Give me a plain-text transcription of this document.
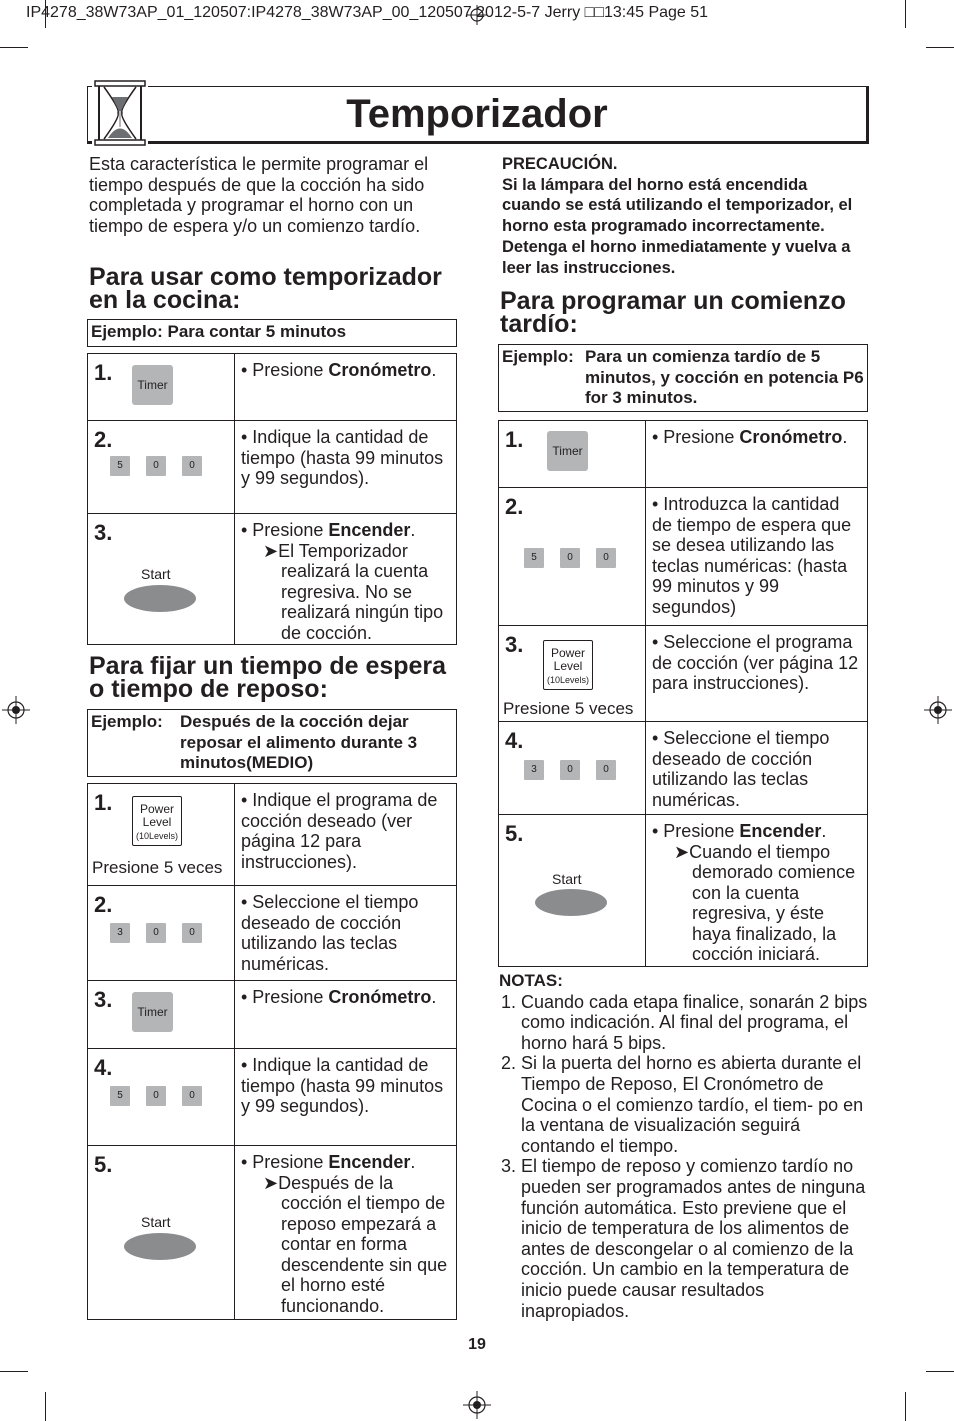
IP4278_38W73AP_01_120507:IP4278_38W73AP_00_120507 2012-5-7 Jerry □□13:45 Page 51
Temporizador
Esta característica le permite programar el tiempo después de que la cocción ha sido completada y programar el horno con un tiempo de espera y/o un comienzo tardío.
PRECAUCIÓN.
Si la lámpara del horno está encendida cuando se está utilizando el temporizador, el horno esta programado incorrectamente. Detenga el horno inmediatamente y vuelva a leer las instrucciones.
Para usar como temporizador en la cocina:
Ejemplo: Para contar 5 minutos
1. Timer	• Presione Cronómetro.

2.
5 0 0	• Indique la cantidad de tiempo (hasta 99 minutos y 99 segundos).

3.
Start	• Presione Encender.
➤El Temporizador realizará la cuenta regresiva. No se realizará ningún tipo de cocción.
Para fijar un tiempo de espera o tiempo de reposo:
Ejemplo:	Después de la cocción dejar reposar el alimento durante 3 minutos(MEDIO)
1. Power
Level
(10Levels)
Presione 5 veces	• Indique el programa de cocción deseado (ver página 12 para instrucciones).

2.
3 0 0	• Seleccione el tiempo deseado de cocción utilizando las teclas numéricas.

3. Timer	• Presione Cronómetro.

4.
5 0 0	• Indique la cantidad de tiempo (hasta 99 minutos y 99 segundos).

5.
Start	• Presione Encender.
➤Después de la cocción el tiempo de reposo empezará a contar en forma descendente sin que el horno esté funcionando.
Para programar un comienzo tardío:
Ejemplo: Para un comienza tardío de 5 minutos, y cocción en potencia P6 for 3 minutos.
1. Timer	• Presione Cronómetro.

2.
5 0 0	• Introduzca la cantidad de tiempo de espera que se desea utilizando las teclas numéricas: (hasta 99 minutos y 99 segundos)

3. Power
Level
(10Levels)
Presione 5 veces	• Seleccione el programa de cocción (ver página 12 para instrucciones).

4.
3 0 0	• Seleccione el tiempo deseado de cocción utilizando las teclas numéricas.

5.
Start	• Presione Encender.
➤Cuando el tiempo demorado comience con la cuenta regresiva, y éste haya finalizado, la cocción iniciará.
NOTAS:
1. Cuando cada etapa finalice, sonarán 2 bips como indicación. Al final del programa, el horno hará 5 bips.
2. Si la puerta del horno es abierta durante el Tiempo de Reposo, El Cronómetro de Cocina o el comienzo tardío, el tiem- po en la ventana de visualización seguirá contando el tiempo.
3. El tiempo de reposo y comienzo tardío no pueden ser programados antes de ninguna función automática. Esto previene que el inicio de temperatura de los alimentos de antes de descongelar o al comienzo de la cocción. Un cambio en la temperatura de inicio puede causar resultados inapropiados.
19
